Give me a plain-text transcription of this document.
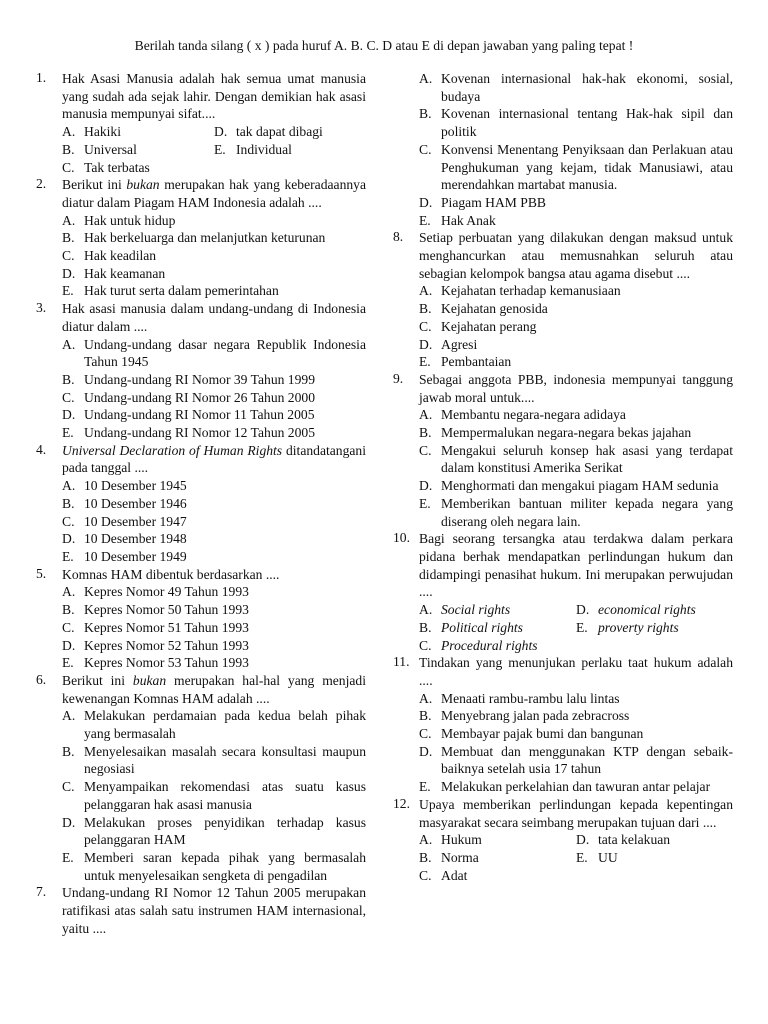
Berilah tanda silang ( x ) pada huruf A. B. C. D atau E di depan jawaban yang paling tepat !
1.	Hak Asasi Manusia adalah hak semua umat manusia yang sudah ada sejak lahir. Dengan demikian hak asasi manusia mempunyai sifat....
A. Hakiki	D. tak dapat dibagi
B. Universal	E. Individual
C. Tak terbatas
2.	Berikut ini bukan merupakan hak yang keberadaannya diatur dalam Piagam HAM Indonesia adalah ....
A. Hak untuk hidup
B. Hak berkeluarga dan melanjutkan keturunan
C. Hak keadilan
D. Hak keamanan
E. Hak turut serta dalam pemerintahan
3.	Hak asasi manusia dalam undang-undang di Indonesia diatur dalam ....
A. Undang-undang dasar negara Republik Indonesia Tahun 1945
B. Undang-undang RI Nomor 39 Tahun 1999
C. Undang-undang RI Nomor 26 Tahun 2000
D. Undang-undang RI Nomor 11 Tahun 2005
E. Undang-undang RI Nomor 12 Tahun 2005
4.	Universal Declaration of Human Rights ditandatangani pada tanggal ....
A. 10 Desember 1945
B. 10 Desember 1946
C. 10 Desember 1947
D. 10 Desember 1948
E. 10 Desember 1949
5.	Komnas HAM dibentuk berdasarkan ....
A. Kepres Nomor 49 Tahun 1993
B. Kepres Nomor 50 Tahun 1993
C. Kepres Nomor 51 Tahun 1993
D. Kepres Nomor 52 Tahun 1993
E. Kepres Nomor 53 Tahun 1993
6.	Berikut ini bukan merupakan hal-hal yang menjadi kewenangan Komnas HAM adalah ....
A. Melakukan perdamaian pada kedua belah pihak yang bermasalah
B. Menyelesaikan masalah secara konsultasi maupun negosiasi
C. Menyampaikan rekomendasi atas suatu kasus pelanggaran hak asasi manusia
D. Melakukan proses penyidikan terhadap kasus pelanggaran HAM
E. Memberi saran kepada pihak yang bermasalah untuk menyelesaikan sengketa di pengadilan
7.	Undang-undang RI Nomor 12 Tahun 2005 merupakan ratifikasi atas salah satu instrumen HAM internasional, yaitu ....
A. Kovenan internasional hak-hak ekonomi, sosial, budaya
B. Kovenan internasional tentang Hak-hak sipil dan politik
C. Konvensi Menentang Penyiksaan dan Perlakuan atau Penghukuman yang kejam, tidak Manusiawi, atau merendahkan martabat manusia.
D. Piagam HAM PBB
E. Hak Anak
8.	Setiap perbuatan yang dilakukan dengan maksud untuk menghancurkan atau memusnahkan seluruh atau sebagian kelompok bangsa atau agama disebut ....
A. Kejahatan terhadap kemanusiaan
B. Kejahatan genosida
C. Kejahatan perang
D. Agresi
E. Pembantaian
9.	Sebagai anggota PBB, indonesia mempunyai tanggung jawab moral untuk....
A. Membantu negara-negara adidaya
B. Mempermalukan negara-negara bekas jajahan
C. Mengakui seluruh konsep hak asasi yang terdapat dalam konstitusi Amerika Serikat
D. Menghormati dan mengakui piagam HAM sedunia
E. Memberikan bantuan militer kepada negara yang diserang oleh negara lain.
10. Bagi seorang tersangka atau terdakwa dalam perkara pidana berhak mendapatkan perlindungan hukum dan didampingi penasihat hukum. Ini merupakan perwujudan ....
A. Social rights	D. economical rights
B. Political rights	E. proverty rights
C. Procedural rights
11. Tindakan yang menunjukan perlaku taat hukum adalah ....
A. Menaati rambu-rambu lalu lintas
B. Menyebrang jalan pada zebracross
C. Membayar pajak bumi dan bangunan
D. Membuat dan menggunakan KTP dengan sebaik-baiknya setelah usia 17 tahun
E. Melakukan perkelahian dan tawuran antar pelajar
12. Upaya memberikan perlindungan kepada kepentingan masyarakat secara seimbang merupakan tujuan dari ....
A. Hukum	D. tata kelakuan
B. Norma	E. UU
C. Adat
